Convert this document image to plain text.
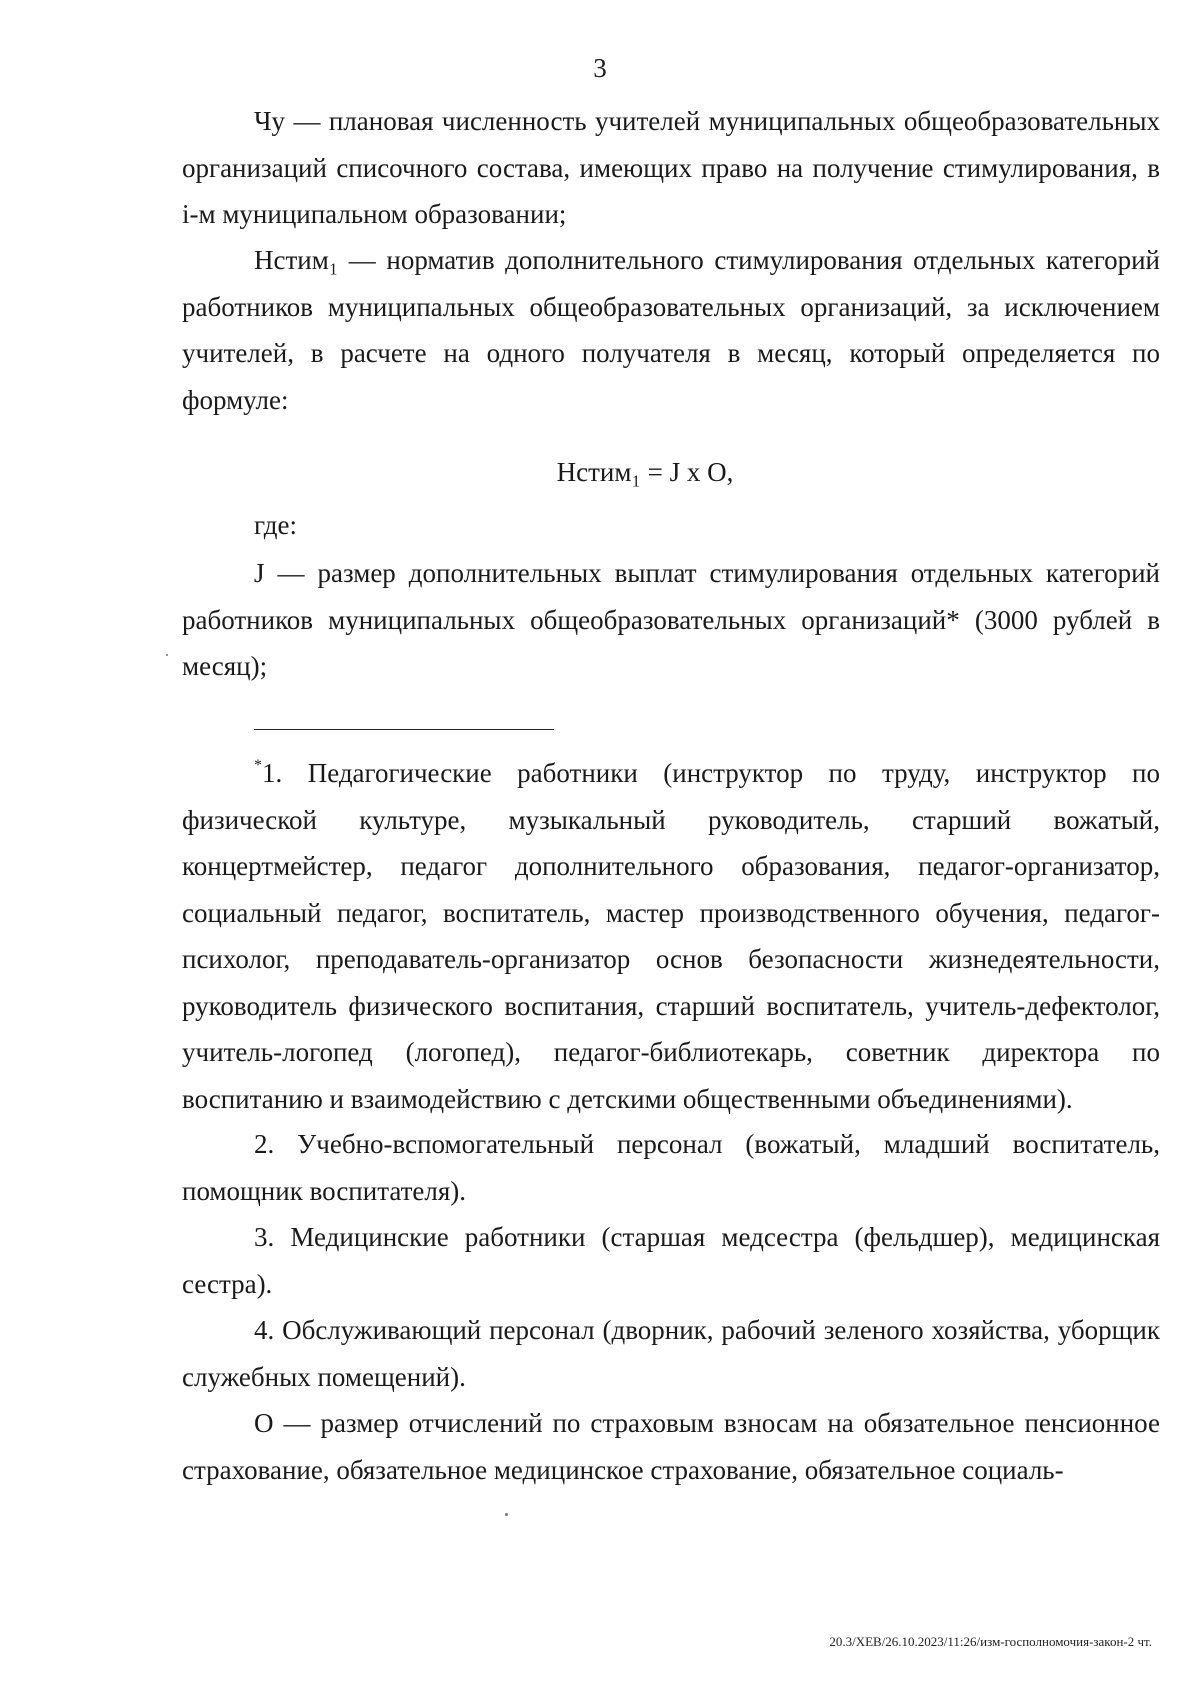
3

Чу — плановая численность учителей муниципальных общеобразовательных организаций списочного состава, имеющих право на получение стимулирования, в i-м муниципальном образовании;

Нстим₁ — норматив дополнительного стимулирования отдельных категорий работников муниципальных общеобразовательных организаций, за исключением учителей, в расчете на одного получателя в месяц, который определяется по формуле:

Нстим₁ = J x O,
где:

J — размер дополнительных выплат стимулирования отдельных категорий работников муниципальных общеобразовательных организаций* (3000 рублей в месяц);

*1. Педагогические работники (инструктор по труду, инструктор по физической культуре, музыкальный руководитель, старший вожатый, концертмейстер, педагог дополнительного образования, педагог-организатор, социальный педагог, воспитатель, мастер производственного обучения, педагог-психолог, преподаватель-организатор основ безопасности жизнедеятельности, руководитель физического воспитания, старший воспитатель, учитель-дефектолог, учитель-логопед (логопед), педагог-библиотекарь, советник директора по воспитанию и взаимодействию с детскими общественными объединениями).

2. Учебно-вспомогательный персонал (вожатый, младший воспитатель, помощник воспитателя).

3. Медицинские работники (старшая медсестра (фельдшер), медицинская сестра).

4. Обслуживающий персонал (дворник, рабочий зеленого хозяйства, уборщик служебных помещений).

О — размер отчислений по страховым взносам на обязательное пенсионное страхование, обязательное медицинское страхование, обязательное социаль-

20.3/ХЕВ/26.10.2023/11:26/изм-госполномочия-закон-2 чт.
